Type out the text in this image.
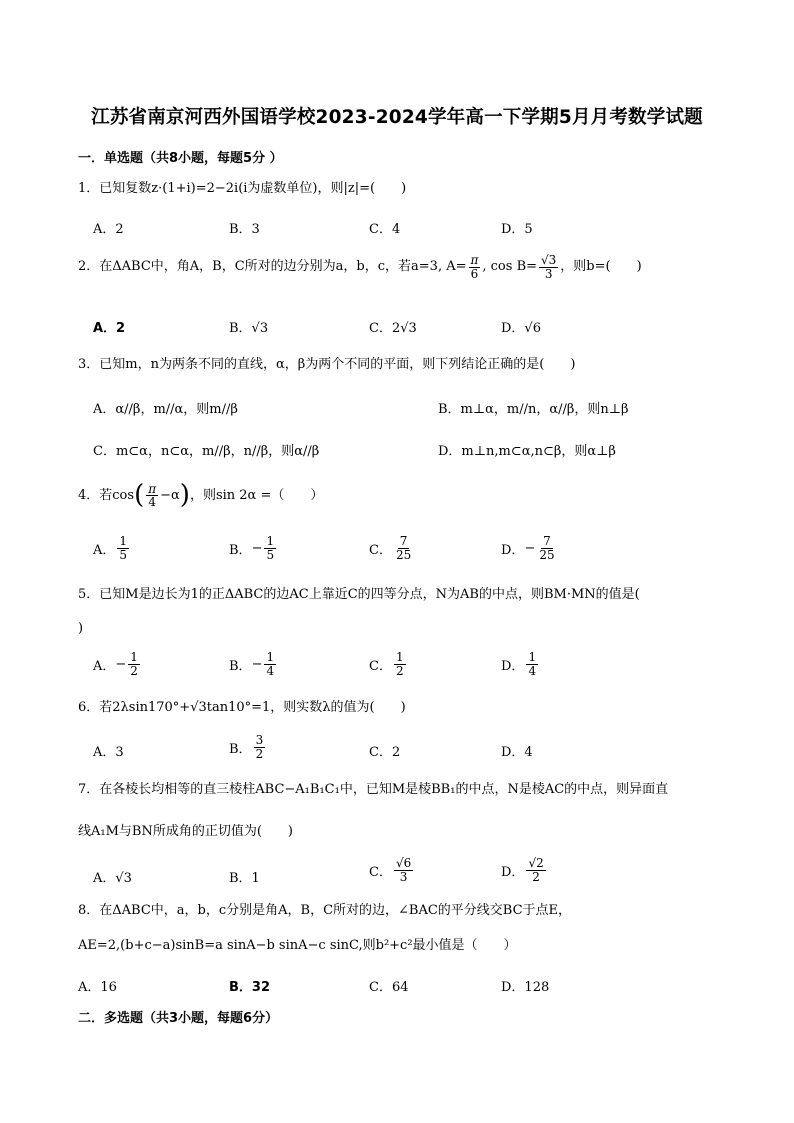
江苏省南京河西外国语学校2023-2024学年高一下学期5月月考数学试题
一．单选题（共8小题，每题5分 ）
1．已知复数z·(1+i)=2−2i(i为虚数单位)，则|z|=(　　)
A．2	B．3	C．4	D．5
2．在ΔABC中，角A，B，C所对的边分别为a，b，c，若a=3, $A= \frac{\pi}{6}$ , $\cos B= \frac{√3}{3}$ ，则b=(　　)
A．2	B．√3	C．2√3	D．√6
3．已知m，n为两条不同的直线，α，β为两个不同的平面，则下列结论正确的是(　　)
A．α//β，m//α，则m//β	B．m⊥α，m//n，α//β，则n⊥β
C．m⊂α，n⊂α，m//β，n//β，则α//β	D．m⊥n,m⊂α,n⊂β，则α⊥β
4．若cos ( $\frac{\pi}{4} -\alpha$ ) ，则sin 2α =（　　）
A． $\frac{1}{5}$	B． − $\frac{1}{5}$	C． $\frac{7}{25}$	D． − $\frac{7}{25}$
5．已知M是边长为1的正ΔABC的边AC上靠近C的四等分点，N为AB的中点，则BM·MN的值是(
)
A． − $\frac{1}{2}$	B． − $\frac{1}{4}$	C． $\frac{1}{2}$	D． $\frac{1}{4}$
6．若2λsin170°+√3tan10°=1，则实数λ的值为(　　)
A．3	B． $\frac{3}{2}$	C．2	D．4
7．在各棱长均相等的直三棱柱ABC−A₁B₁C₁中，已知M是棱BB₁的中点，N是棱AC的中点，则异面直
线A₁M与BN所成角的正切值为(　　)
A．√3	B．1	C． $\frac{√6}{3}$	D． $\frac{√2}{2}$
8．在ΔABC中，a，b，c分别是角A，B，C所对的边，∠BAC的平分线交BC于点E，
AE=2,(b+c−a)sinB=a sinA−b sinA−c sinC,则b²+c²最小值是（　　）
A．16	B．32	C．64	D．128
二．多选题（共3小题，每题6分）
